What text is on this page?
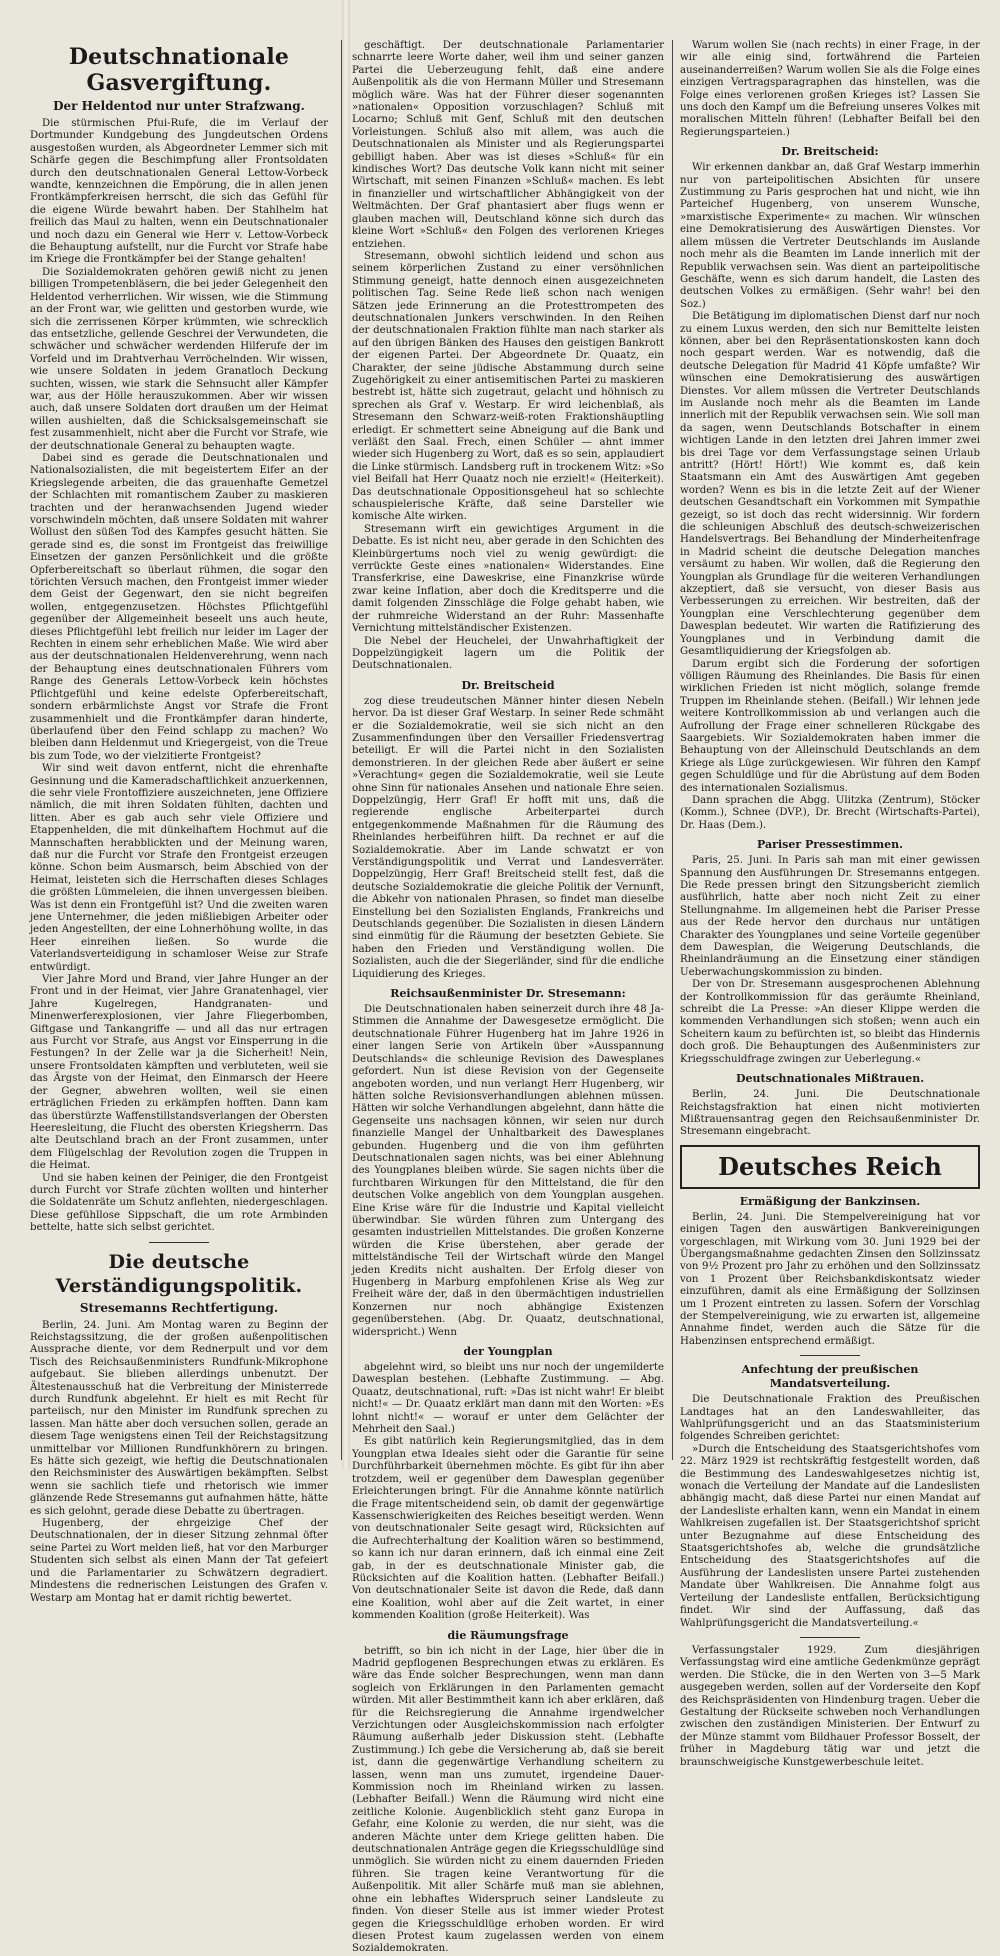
Deutschnationale Gasvergiftung.
Der Heldentod nur unter Strafzwang.

Die stürmischen Pfui-Rufe, die im Verlauf der Dortmunder Kundgebung des Jungdeutschen Ordens ausgestoßen wurden, als Abgeordneter Lemmer sich mit Schärfe gegen die Beschimpfung aller Frontsoldaten durch den deutschnationalen General Lettow-Vorbeck wandte, kennzeichnen die Empörung, die in allen jenen Frontkämpferkreisen herrscht, die sich das Gefühl für die eigene Würde bewahrt haben. Der Stahlhelm hat freilich das Maul zu halten, wenn ein Deutschnationaler und noch dazu ein General wie Herr v. Lettow-Vorbeck die Behauptung aufstellt, nur die Furcht vor Strafe habe im Kriege die Frontkämpfer bei der Stange gehalten!

Die Sozialdemokraten gehören gewiß nicht zu jenen billigen Trompetenbläsern, die bei jeder Gelegenheit den Heldentod verherrlichen. Wir wissen, wie die Stimmung an der Front war, wie gelitten und gestorben wurde, wie sich die zerrissenen Körper krümmten, wie schrecklich das entsetzliche, gellende Geschrei der Verwundeten, die schwächer und schwächer werdenden Hilferufe der im Vorfeld und im Drahtverhau Verröchelnden. Wir wissen, wie unsere Soldaten in jedem Granatloch Deckung suchten, wissen, wie stark die Sehnsucht aller Kämpfer war, aus der Hölle herauszukommen. Aber wir wissen auch, daß unsere Soldaten dort draußen um der Heimat willen aushielten, daß die Schicksalsgemeinschaft sie fest zusammenhielt, nicht aber die Furcht vor Strafe, wie der deutschnationale General zu behaupten wagte.

Dabei sind es gerade die Deutschnationalen und Nationalsozialisten, die mit begeistertem Eifer an der Kriegslegende arbeiten, die das grauenhafte Gemetzel der Schlachten mit romantischem Zauber zu maskieren trachten und der heranwachsenden Jugend wieder vorschwindeln möchten, daß unsere Soldaten mit wahrer Wollust den süßen Tod des Kampfes gesucht hätten. Sie gerade sind es, die sonst im Frontgeist das freiwillige Einsetzen der ganzen Persönlichkeit und die größte Opferbereitschaft so überlaut rühmen, die sogar den törichten Versuch machen, den Frontgeist immer wieder dem Geist der Gegenwart, den sie nicht begreifen wollen, entgegenzusetzen. Höchstes Pflichtgefühl gegenüber der Allgemeinheit beseelt uns auch heute, dieses Pflichtgefühl lebt freilich nur leider im Lager der Rechten in einem sehr erheblichen Maße. Wie wird aber aus der deutschnationalen Heldenverehrung, wenn nach der Behauptung eines deutschnationalen Führers vom Range des Generals Lettow-Vorbeck kein höchstes Pflichtgefühl und keine edelste Opferbereitschaft, sondern erbärmlichste Angst vor Strafe die Front zusammenhielt und die Frontkämpfer daran hinderte, überlaufend über den Feind schlapp zu machen? Wo bleiben dann Heldenmut und Kriegergeist, von die Treue bis zum Tode, wo der vielzitierte Frontgeist?

Wir sind weit davon entfernt, nicht die ehrenhafte Gesinnung und die Kameradschaftlichkeit anzuerkennen, die sehr viele Frontoffiziere auszeichneten, jene Offiziere nämlich, die mit ihren Soldaten fühlten, dachten und litten. Aber es gab auch sehr viele Offiziere und Etappenhelden, die mit dünkelhaftem Hochmut auf die Mannschaften herabblickten und der Meinung waren, daß nur die Furcht vor Strafe den Frontgeist erzeugen könne. Schon beim Ausmarsch, beim Abschied von der Heimat, leisteten sich die Herrschaften dieses Schlages die größten Lümmeleien, die ihnen unvergessen bleiben. Was ist denn ein Frontgefühl ist? Und die zweiten waren jene Unternehmer, die jeden mißliebigen Arbeiter oder jeden Angestellten, der eine Lohnerhöhung wollte, in das Heer einreihen ließen. So wurde die Vaterlandsverteidigung in schamloser Weise zur Strafe entwürdigt.

Vier Jahre Mord und Brand, vier Jahre Hunger an der Front und in der Heimat, vier Jahre Granatenhagel, vier Jahre Kugelregen, Handgranaten- und Minenwerferexplosionen, vier Jahre Fliegerbomben, Giftgase und Tankangriffe — und all das nur ertragen aus Furcht vor Strafe, aus Angst vor Einsperrung in die Festungen? In der Zelle war ja die Sicherheit! Nein, unsere Frontsoldaten kämpften und verbluteten, weil sie das Ärgste von der Heimat, den Einmarsch der Heere der Gegner, abwehren wollten, weil sie einen erträglichen Frieden zu erkämpfen hofften. Dann kam das überstürzte Waffenstillstandsverlangen der Obersten Heeresleitung, die Flucht des obersten Kriegsherrn. Das alte Deutschland brach an der Front zusammen, unter dem Flügelschlag der Revolution zogen die Truppen in die Heimat.

Und sie haben keinen der Peiniger, die den Frontgeist durch Furcht vor Strafe züchten wollten und hinterher die Soldatenräte um Schutz anflehten, niedergeschlagen. Diese gefühllose Sippschaft, die um rote Armbinden bettelte, hatte sich selbst gerichtet.

Die deutsche Verständigungspolitik.
Stresemanns Rechtfertigung.

Berlin, 24. Juni. Am Montag waren zu Beginn der Reichstagssitzung, die der großen außenpolitischen Aussprache diente, vor dem Rednerpult und vor dem Tisch des Reichsaußenministers Rundfunk-Mikrophone aufgebaut. Sie blieben allerdings unbenutzt. Der Ältestenausschuß hat die Verbreitung der Ministerrede durch Rundfunk abgelehnt. Er hielt es mit Recht für parteiisch, nur den Minister im Rundfunk sprechen zu lassen. Man hätte aber doch versuchen sollen, gerade an diesem Tage wenigstens einen Teil der Reichstagsitzung unmittelbar vor Millionen Rundfunkhörern zu bringen. Es hätte sich gezeigt, wie heftig die Deutschnationalen den Reichsminister des Auswärtigen bekämpften. Selbst wenn sie sachlich tiefe und rhetorisch wie immer glänzende Rede Stresemanns gut aufnahmen hätte, hätte es sich gelohnt, gerade diese Debatte zu übertragen.

Hugenberg, der ehrgeizige Chef der Deutschnationalen, der in dieser Sitzung zehnmal öfter seine Partei zu Wort melden ließ, hat vor den Marburger Studenten sich selbst als einen Mann der Tat gefeiert und die Parlamentarier zu Schwätzern degradiert. Mindestens die rednerischen Leistungen des Grafen v. Westarp am Montag hat er damit richtig bewertet.

geschäftigt. Der deutschnationale Parlamentarier schnarrte leere Worte daher, weil ihm und seiner ganzen Partei die Ueberzeugung fehlt, daß eine andere Außenpolitik als die von Hermann Müller und Stresemann möglich wäre. Was hat der Führer dieser sogenannten »nationalen« Opposition vorzuschlagen? Schluß mit Locarno; Schluß mit Genf, Schluß mit den deutschen Vorleistungen. Schluß also mit allem, was auch die Deutschnationalen als Minister und als Regierungspartei gebilligt haben. Aber was ist dieses »Schluß« für ein kindisches Wort? Das deutsche Volk kann nicht mit seiner Wirtschaft, mit seinen Finanzen »Schluß« machen. Es lebt in finanzieller und wirtschaftlicher Abhängigkeit von der Weltmächten. Der Graf phantasiert aber flugs wenn er glauben machen will, Deutschland könne sich durch das kleine Wort »Schluß« den Folgen des verlorenen Krieges entziehen.

Stresemann, obwohl sichtlich leidend und schon aus seinem körperlichen Zustand zu einer versöhnlichen Stimmung geneigt, hatte dennoch einen ausgezeichneten politischen Tag. Seine Rede ließ schon nach wenigen Sätzen jede Erinnerung an die Protesttrompeten des deutschnationalen Junkers verschwinden. In den Reihen der deutschnationalen Fraktion fühlte man nach starker als auf den übrigen Bänken des Hauses den geistigen Bankrott der eigenen Partei. Der Abgeordnete Dr. Quaatz, ein Charakter, der seine jüdische Abstammung durch seine Zugehörigkeit zu einer antisemitischen Partei zu maskieren bestrebt ist, hätte sich zugetraut, gelacht und höhnisch zu sprechen als Graf v. Westarp. Er wird leichenblaß, als Stresemann den Schwarz-weiß-roten Fraktionshäuptling erledigt. Er schmettert seine Abneigung auf die Bank und verläßt den Saal. Frech, einen Schüler — ahnt immer wieder sich Hugenberg zu Wort, daß es so sein, applaudiert die Linke stürmisch. Landsberg ruft in trockenem Witz: »So viel Beifall hat Herr Quaatz noch nie erzielt!« (Heiterkeit). Das deutschnationale Oppositionsgeheul hat so schlechte schauspielerische Kräfte, daß seine Darsteller wie komische Alte wirken.

Stresemann wirft ein gewichtiges Argument in die Debatte. Es ist nicht neu, aber gerade in den Schichten des Kleinbürgertums noch viel zu wenig gewürdigt: die verrückte Geste eines »nationalen« Widerstandes. Eine Transferkrise, eine Daweskrise, eine Finanzkrise würde zwar keine Inflation, aber doch die Kreditsperre und die damit folgenden Zinsschläge die Folge gehabt haben, wie der ruhmreiche Widerstand an der Ruhr: Massenhafte Vernichtung mittelständischer Existenzen.

Die Nebel der Heuchelei, der Unwahrhaftigkeit der Doppelzüngigkeit lagern um die Politik der Deutschnationalen.

Dr. Breitscheid

zog diese treudeutschen Männer hinter diesen Nebeln hervor. Da ist dieser Graf Westarp. In seiner Rede schmäht er die Sozialdemokratie, weil sie sich nicht an den Zusammenfindungen über den Versailler Friedensvertrag beteiligt. Er will die Partei nicht in den Sozialisten demonstrieren. In der gleichen Rede aber äußert er seine »Verachtung« gegen die Sozialdemokratie, weil sie Leute ohne Sinn für nationales Ansehen und nationale Ehre seien. Doppelzüngig, Herr Graf! Er hofft mit uns, daß die regierende englische Arbeiterpartei durch entgegenkommende Maßnahmen für die Räumung des Rheinlandes herbeiführen hilft. Da rechnet er auf die Sozialdemokratie. Aber im Lande schwatzt er von Verständigungspolitik und Verrat und Landesverräter. Doppelzüngig, Herr Graf! Breitscheid stellt fest, daß die deutsche Sozialdemokratie die gleiche Politik der Vernunft, die Abkehr von nationalen Phrasen, so findet man dieselbe Einstellung bei den Sozialisten Englands, Frankreichs und Deutschlands gegenüber. Die Sozialisten in diesen Ländern sind einmütig für die Räumung der besetzten Gebiete. Sie haben den Frieden und Verständigung wollen. Die Sozialisten, auch die der Siegerländer, sind für die endliche Liquidierung des Krieges.

Reichsaußenminister Dr. Stresemann:

Die Deutschnationalen haben seinerzeit durch ihre 48 Ja-Stimmen die Annahme der Dawesgesetze ermöglicht. Die deutschnationale Führer Hugenberg hat im Jahre 1926 in einer langen Serie von Artikeln über »Ausspannung Deutschlands« die schleunige Revision des Dawesplanes gefordert. Nun ist diese Revision von der Gegenseite angeboten worden, und nun verlangt Herr Hugenberg, wir hätten solche Revisionsverhandlungen ablehnen müssen. Hätten wir solche Verhandlungen abgelehnt, dann hätte die Gegenseite uns nachsagen können, wir seien nur durch finanzielle Mangel der Unhaltbarkeit des Dawesplanes gebunden. Hugenberg und die von ihm geführten Deutschnationalen sagen nichts, was bei einer Ablehnung des Youngplanes bleiben würde. Sie sagen nichts über die furchtbaren Wirkungen für den Mittelstand, die für den deutschen Volke angeblich von dem Youngplan ausgehen. Eine Krise wäre für die Industrie und Kapital vielleicht überwindbar. Sie würden führen zum Untergang des gesamten industriellen Mittelstandes. Die großen Konzerne würden die Krise überstehen, aber gerade der mittelständische Teil der Wirtschaft würde den Mangel jeden Kredits nicht aushalten. Der Erfolg dieser von Hugenberg in Marburg empfohlenen Krise als Weg zur Freiheit wäre der, daß in den übermächtigen industriellen Konzernen nur noch abhängige Existenzen gegenüberstehen. (Abg. Dr. Quaatz, deutschnational, widerspricht.) Wenn

der Youngplan

abgelehnt wird, so bleibt uns nur noch der ungemilderte Dawesplan bestehen. (Lebhafte Zustimmung. — Abg. Quaatz, deutschnational, ruft: »Das ist nicht wahr! Er bleibt nicht!« — Dr. Quaatz erklärt man dann mit den Worten: »Es lohnt nicht!« — worauf er unter dem Gelächter der Mehrheit den Saal.)

Es gibt natürlich kein Regierungsmitglied, das in dem Youngplan etwa Ideales sieht oder die Garantie für seine Durchführbarkeit übernehmen möchte. Es gibt für ihn aber trotzdem, weil er gegenüber dem Dawesplan gegenüber Erleichterungen bringt. Für die Annahme könnte natürlich die Frage mitentscheidend sein, ob damit der gegenwärtige Kassenschwierigkeiten des Reiches beseitigt werden. Wenn von deutschnationaler Seite gesagt wird, Rücksichten auf die Aufrechterhaltung der Koalition wären so bestimmend, so kann ich nur daran erinnern, daß ich einmal eine Zeit gab, in der es deutschnationale Minister gab, die Rücksichten auf die Koalition hatten. (Lebhafter Beifall.) Von deutschnationaler Seite ist davon die Rede, daß dann eine Koalition, wohl aber auf die Zeit wartet, in einer kommenden Koalition (große Heiterkeit). Was

die Räumungsfrage

betrifft, so bin ich nicht in der Lage, hier über die in Madrid gepflogenen Besprechungen etwas zu erklären. Es wäre das Ende solcher Besprechungen, wenn man dann sogleich von Erklärungen in den Parlamenten gemacht würden. Mit aller Bestimmtheit kann ich aber erklären, daß für die Reichsregierung die Annahme irgendwelcher Verzichtungen oder Ausgleichskommission nach erfolgter Räumung außerhalb jeder Diskussion steht. (Lebhafte Zustimmung.) Ich gebe die Versicherung ab, daß sie bereit ist, dann die gegenwärtige Verhandlung scheitern zu lassen, wenn man uns zumutet, irgendeine Dauer-Kommission noch im Rheinland wirken zu lassen. (Lebhafter Beifall.) Wenn die Räumung wird nicht eine zeitliche Kolonie. Augenblicklich steht ganz Europa in Gefahr, eine Kolonie zu werden, die nur sieht, was die anderen Mächte unter dem Kriege gelitten haben. Die deutschnationalen Anträge gegen die Kriegsschuldlüge sind unmöglich. Sie würden nicht zu einem dauernden Frieden führen. Sie tragen keine Verantwortung für die Außenpolitik. Mit aller Schärfe muß man sie ablehnen, ohne ein lebhaftes Widerspruch seiner Landsleute zu finden. Von dieser Stelle aus ist immer wieder Protest gegen die Kriegsschuldlüge erhoben worden. Er wird diesen Protest kaum zugelassen werden von einem Sozialdemokraten.

Warum wollen Sie (nach rechts) in einer Frage, in der wir alle einig sind, fortwährend die Parteien auseinanderreißen? Warum wollen Sie als die Folge eines einzigen Vertragsparagraphen das hinstellen, was die Folge eines verlorenen großen Krieges ist? Lassen Sie uns doch den Kampf um die Befreiung unseres Volkes mit moralischen Mitteln führen! (Lebhafter Beifall bei den Regierungsparteien.)

Dr. Breitscheid:

Wir erkennen dankbar an, daß Graf Westarp immerhin nur von parteipolitischen Absichten für unsere Zustimmung zu Paris gesprochen hat und nicht, wie ihn Parteichef Hugenberg, von unserem Wunsche, »marxistische Experimente« zu machen. Wir wünschen eine Demokratisierung des Auswärtigen Dienstes. Vor allem müssen die Vertreter Deutschlands im Auslande noch mehr als die Beamten im Lande innerlich mit der Republik verwachsen sein. Was dient an parteipolitische Geschäfte, wenn es sich darum handelt, die Lasten des deutschen Volkes zu ermäßigen. (Sehr wahr! bei den Soz.)

Die Betätigung im diplomatischen Dienst darf nur noch zu einem Luxus werden, den sich nur Bemittelte leisten können, aber bei den Repräsentationskosten kann doch noch gespart werden. War es notwendig, daß die deutsche Delegation für Madrid 41 Köpfe umfaßte? Wir wünschen eine Demokratisierung des auswärtigen Dienstes. Vor allem müssen die Vertreter Deutschlands im Auslande noch mehr als die Beamten im Lande innerlich mit der Republik verwachsen sein. Wie soll man da sagen, wenn Deutschlands Botschafter in einem wichtigen Lande in den letzten drei Jahren immer zwei bis drei Tage vor dem Verfassungstage seinen Urlaub antritt? (Hört! Hört!) Wie kommt es, daß kein Staatsmann ein Amt des Auswärtigen Amt gegeben worden? Wenn es bis in die letzte Zeit auf der Wiener deutschen Gesandtschaft ein Vorkommen mit Sympathie gezeigt, so ist doch das recht widersinnig. Wir fordern die schleunigen Abschluß des deutsch-schweizerischen Handelsvertrags. Bei Behandlung der Minderheitenfrage in Madrid scheint die deutsche Delegation manches versäumt zu haben. Wir wollen, daß die Regierung den Youngplan als Grundlage für die weiteren Verhandlungen akzeptiert, daß sie versucht, von dieser Basis aus Verbesserungen zu erreichen. Wir bestreiten, daß der Youngplan eine Verschlechterung gegenüber dem Dawesplan bedeutet. Wir warten die Ratifizierung des Youngplanes und in Verbindung damit die Gesamtliquidierung der Kriegsfolgen ab.

Darum ergibt sich die Forderung der sofortigen völligen Räumung des Rheinlandes. Die Basis für einen wirklichen Frieden ist nicht möglich, solange fremde Truppen im Rheinlande stehen. (Beifall.) Wir lehnen jede weitere Kontrollkommission ab und verlangen auch die Aufrollung der Frage einer schnelleren Rückgabe des Saargebiets. Wir Sozialdemokraten haben immer die Behauptung von der Alleinschuld Deutschlands an dem Kriege als Lüge zurückgewiesen. Wir führen den Kampf gegen Schuldlüge und für die Abrüstung auf dem Boden des internationalen Sozialismus.

Dann sprachen die Abgg. Ulitzka (Zentrum), Stöcker (Komm.), Schnee (DVP.), Dr. Brecht (Wirtschafts-Partei), Dr. Haas (Dem.).

Pariser Pressestimmen.

Paris, 25. Juni. In Paris sah man mit einer gewissen Spannung den Ausführungen Dr. Stresemanns entgegen. Die Rede pressen bringt den Sitzungsbericht ziemlich ausführlich, hatte aber noch nicht Zeit zu einer Stellungnahme. Im allgemeinen hebt die Pariser Presse aus der Rede hervor den durchaus nur untätigen Charakter des Youngplanes und seine Vorteile gegenüber dem Dawesplan, die Weigerung Deutschlands, die Rheinlandräumung an die Einsetzung einer ständigen Ueberwachungskommission zu binden.

Der von Dr. Stresemann ausgesprochenen Ablehnung der Kontrollkommission für das geräumte Rheinland, schreibt die La Presse: »An dieser Klippe werden die kommenden Verhandlungen sich stoßen; wenn auch ein Scheitern kaum zu befürchten ist, so bleibt das Hindernis doch groß. Die Behauptungen des Außenministers zur Kriegsschuldfrage zwingen zur Ueberlegung.«

Deutschnationales Mißtrauen.

Berlin, 24. Juni. Die Deutschnationale Reichstagsfraktion hat einen nicht motivierten Mißtrauensantrag gegen den Reichsaußenminister Dr. Stresemann eingebracht.

Deutsches Reich
Ermäßigung der Bankzinsen.

Berlin, 24. Juni. Die Stempelvereinigung hat vor einigen Tagen den auswärtigen Bankvereinigungen vorgeschlagen, mit Wirkung vom 30. Juni 1929 bei der Übergangsmaßnahme gedachten Zinsen den Sollzinssatz von 9½ Prozent pro Jahr zu erhöhen und den Sollzinssatz von 1 Prozent über Reichsbankdiskontsatz wieder einzuführen, damit als eine Ermäßigung der Sollzinsen um 1 Prozent eintreten zu lassen. Sofern der Vorschlag der Stempelvereinigung, wie zu erwarten ist, allgemeine Annahme findet, werden auch die Sätze für die Habenzinsen entsprechend ermäßigt.

Anfechtung der preußischen Mandatsverteilung.

Die Deutschnationale Fraktion des Preußischen Landtages hat an den Landeswahlleiter, das Wahlprüfungsgericht und an das Staatsministerium folgendes Schreiben gerichtet:

»Durch die Entscheidung des Staatsgerichtshofes vom 22. März 1929 ist rechtskräftig festgestellt worden, daß die Bestimmung des Landeswahlgesetzes nichtig ist, wonach die Verteilung der Mandate auf die Landeslisten abhängig macht, daß diese Partei nur einen Mandat auf der Landesliste erhalten kann, wenn ein Mandat in einem Wahlkreisen zugefallen ist. Der Staatsgerichtshof spricht unter Bezugnahme auf diese Entscheidung des Staatsgerichtshofes ab, welche die grundsätzliche Entscheidung des Staatsgerichtshofes auf die Ausführung der Landeslisten unsere Partei zustehenden Mandate über Wahlkreisen. Die Annahme folgt aus Verteilung der Landesliste entfallen, Berücksichtigung findet. Wir sind der Auffassung, daß das Wahlprüfungsgericht die Mandatsverteilung.«

Verfassungstaler 1929. Zum diesjährigen Verfassungstag wird eine amtliche Gedenkmünze geprägt werden. Die Stücke, die in den Werten von 3—5 Mark ausgegeben werden, sollen auf der Vorderseite den Kopf des Reichspräsidenten von Hindenburg tragen. Ueber die Gestaltung der Rückseite schweben noch Verhandlungen zwischen den zuständigen Ministerien. Der Entwurf zu der Münze stammt vom Bildhauer Professor Bosselt, der früher in Magdeburg tätig war und jetzt die braunschweigische Kunstgewerbeschule leitet.
